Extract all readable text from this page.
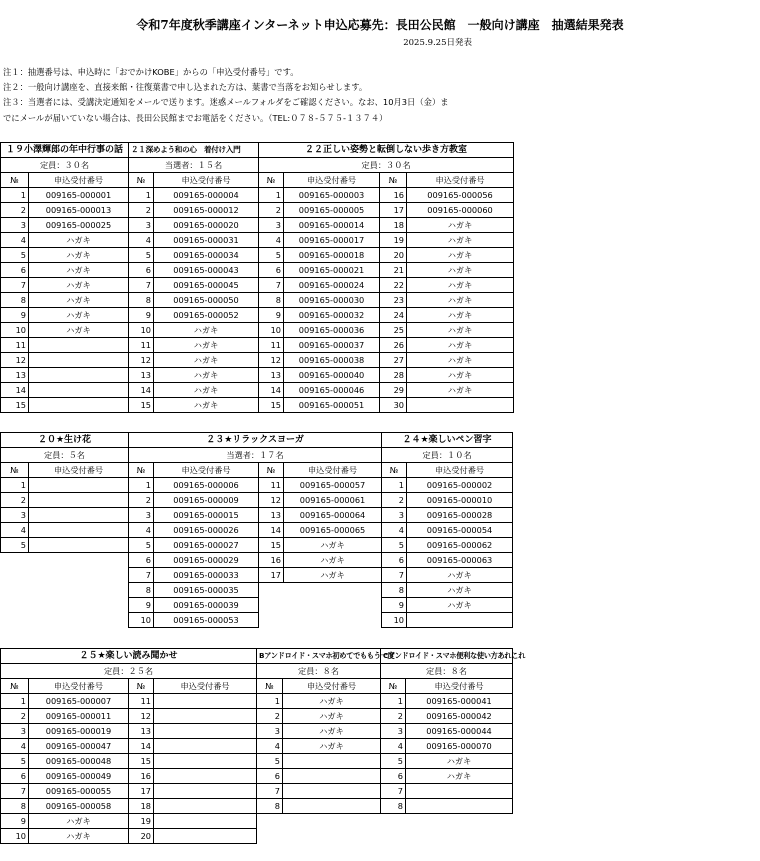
令和7年度秋季講座インターネット申込応募先：長田公民館　一般向け講座　抽選結果発表
2025.9.25日発表
注１：抽選番号は、申込時に「おでかけKOBE」からの「申込受付番号」です。
注２：一般向け講座を、直接来館・往復葉書で申し込まれた方は、葉書で当落をお知らせします。
注３：当選者には、受講決定通知をメールで送ります。迷惑メールフォルダをご確認ください。なお、10月3日（金）ま
でにメールが届いていない場合は、長田公民館までお電話をください。（TEL:０７８-５７５-１３７４）
１９小澤輝郎の年中行事の話		２１深めよう和の心　着付け入門		２２正しい姿勢と転倒しない歩き方教室			
定員：３０名		当選者：１５名		定員：３０名			
№	申込受付番号	№	申込受付番号	№	申込受付番号	№	申込受付番号
1	009165-000001	1	009165-000004	1	009165-000003	16	009165-000056
2	009165-000013	2	009165-000012	2	009165-000005	17	009165-000060
3	009165-000025	3	009165-000020	3	009165-000014	18	ハガキ
4	ハガキ	4	009165-000031	4	009165-000017	19	ハガキ
5	ハガキ	5	009165-000034	5	009165-000018	20	ハガキ
6	ハガキ	6	009165-000043	6	009165-000021	21	ハガキ
7	ハガキ	7	009165-000045	7	009165-000024	22	ハガキ
8	ハガキ	8	009165-000050	8	009165-000030	23	ハガキ
9	ハガキ	9	009165-000052	9	009165-000032	24	ハガキ
10	ハガキ	10	ハガキ	10	009165-000036	25	ハガキ
11		11	ハガキ	11	009165-000037	26	ハガキ
12		12	ハガキ	12	009165-000038	27	ハガキ
13		13	ハガキ	13	009165-000040	28	ハガキ
14		14	ハガキ	14	009165-000046	29	ハガキ
15		15	ハガキ	15	009165-000051	30	
２０★生け花		２３★リラックスヨーガ				２４★楽しいペン習字	
定員：５名		当選者：１７名				定員：１０名	
№	申込受付番号	№	申込受付番号	№	申込受付番号	№	申込受付番号
1		1	009165-000006	11	009165-000057	1	009165-000002
2		2	009165-000009	12	009165-000061	2	009165-000010
3		3	009165-000015	13	009165-000064	3	009165-000028
4		4	009165-000026	14	009165-000065	4	009165-000054
5		5	009165-000027	15	ハガキ	5	009165-000062
		6	009165-000029	16	ハガキ	6	009165-000063
		7	009165-000033	17	ハガキ	7	ハガキ
		8	009165-000035			8	ハガキ
		9	009165-000039			9	ハガキ
		10	009165-000053			10	
２５★楽しい読み聞かせ				Bアンドロイド・スマホ初めてでももう一度		Cアンドロイド・スマホ便利な使い方あれこれ	
定員：２５名				定員：８名		定員：８名	
№	申込受付番号	№	申込受付番号	№	申込受付番号	№	申込受付番号
1	009165-000007	11		1	ハガキ	1	009165-000041
2	009165-000011	12		2	ハガキ	2	009165-000042
3	009165-000019	13		3	ハガキ	3	009165-000044
4	009165-000047	14		4	ハガキ	4	009165-000070
5	009165-000048	15		5		5	ハガキ
6	009165-000049	16		6		6	ハガキ
7	009165-000055	17		7		7	
8	009165-000058	18		8		8	
9	ハガキ	19					
10	ハガキ	20					
